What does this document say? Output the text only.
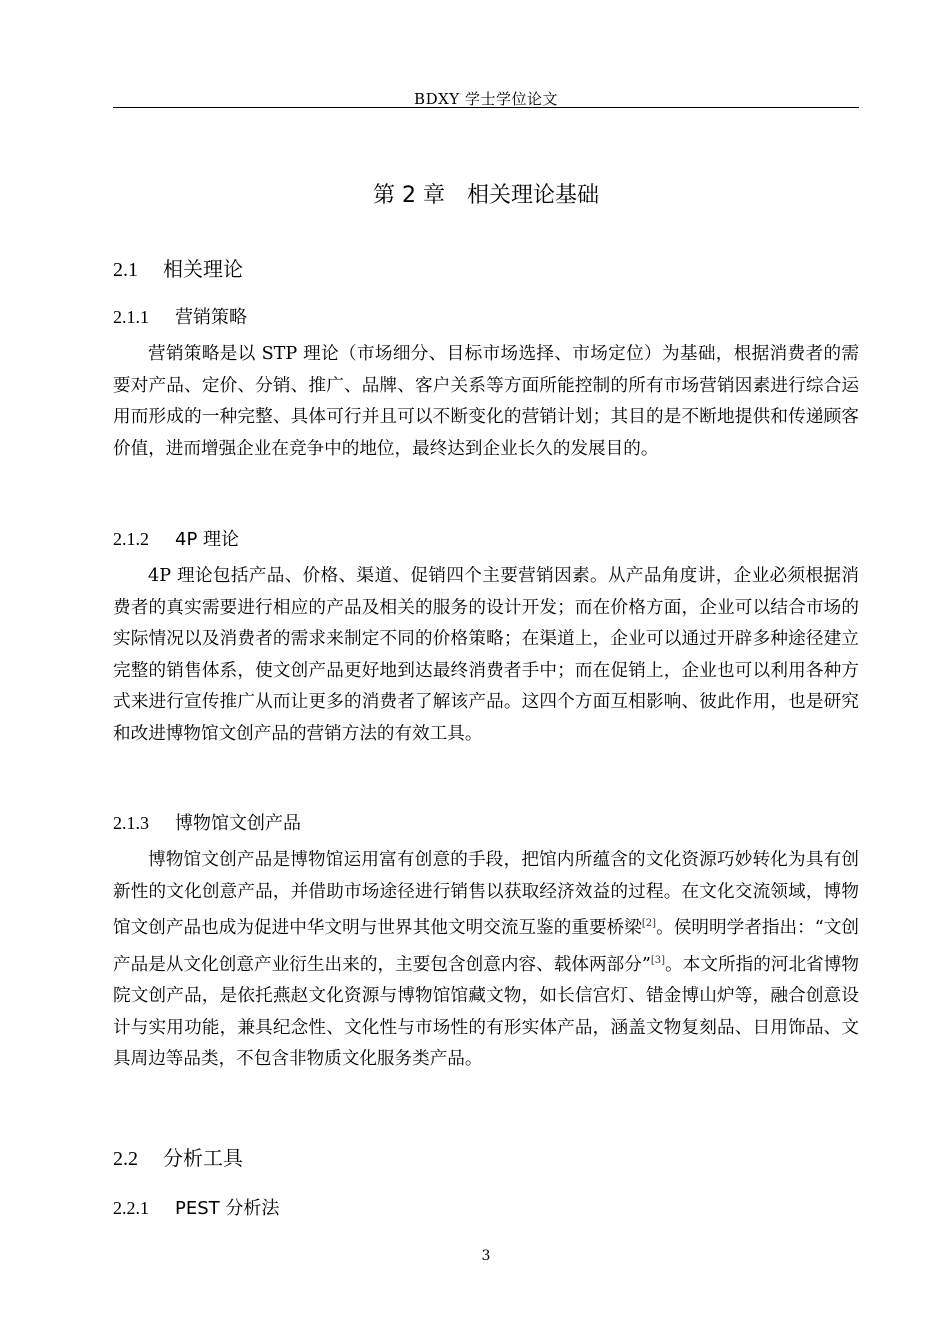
BDXY 学士学位论文
第 2 章 相关理论基础
2.1 相关理论
2.1.1 营销策略

营销策略是以 STP 理论（市场细分、目标市场选择、市场定位）为基础，根据消费者的需要对产品、定价、分销、推广、品牌、客户关系等方面所能控制的所有市场营销因素进行综合运用而形成的一种完整、具体可行并且可以不断变化的营销计划；其目的是不断地提供和传递顾客价值，进而增强企业在竞争中的地位，最终达到企业长久的发展目的。

2.1.2 4P 理论

4P 理论包括产品、价格、渠道、促销四个主要营销因素。从产品角度讲，企业必须根据消费者的真实需要进行相应的产品及相关的服务的设计开发；而在价格方面，企业可以结合市场的实际情况以及消费者的需求来制定不同的价格策略；在渠道上，企业可以通过开辟多种途径建立完整的销售体系，使文创产品更好地到达最终消费者手中；而在促销上，企业也可以利用各种方式来进行宣传推广从而让更多的消费者了解该产品。这四个方面互相影响、彼此作用，也是研究和改进博物馆文创产品的营销方法的有效工具。

2.1.3 博物馆文创产品

博物馆文创产品是博物馆运用富有创意的手段，把馆内所蕴含的文化资源巧妙转化为具有创新性的文化创意产品，并借助市场途径进行销售以获取经济效益的过程。在文化交流领域，博物馆文创产品也成为促进中华文明与世界其他文明交流互鉴的重要桥梁[2]。侯明明学者指出：“文创产品是从文化创意产业衍生出来的，主要包含创意内容、载体两部分”[3]。本文所指的河北省博物院文创产品，是依托燕赵文化资源与博物馆馆藏文物，如长信宫灯、错金博山炉等，融合创意设计与实用功能，兼具纪念性、文化性与市场性的有形实体产品，涵盖文物复刻品、日用饰品、文具周边等品类，不包含非物质文化服务类产品。

2.2 分析工具
2.2.1 PEST 分析法
3
